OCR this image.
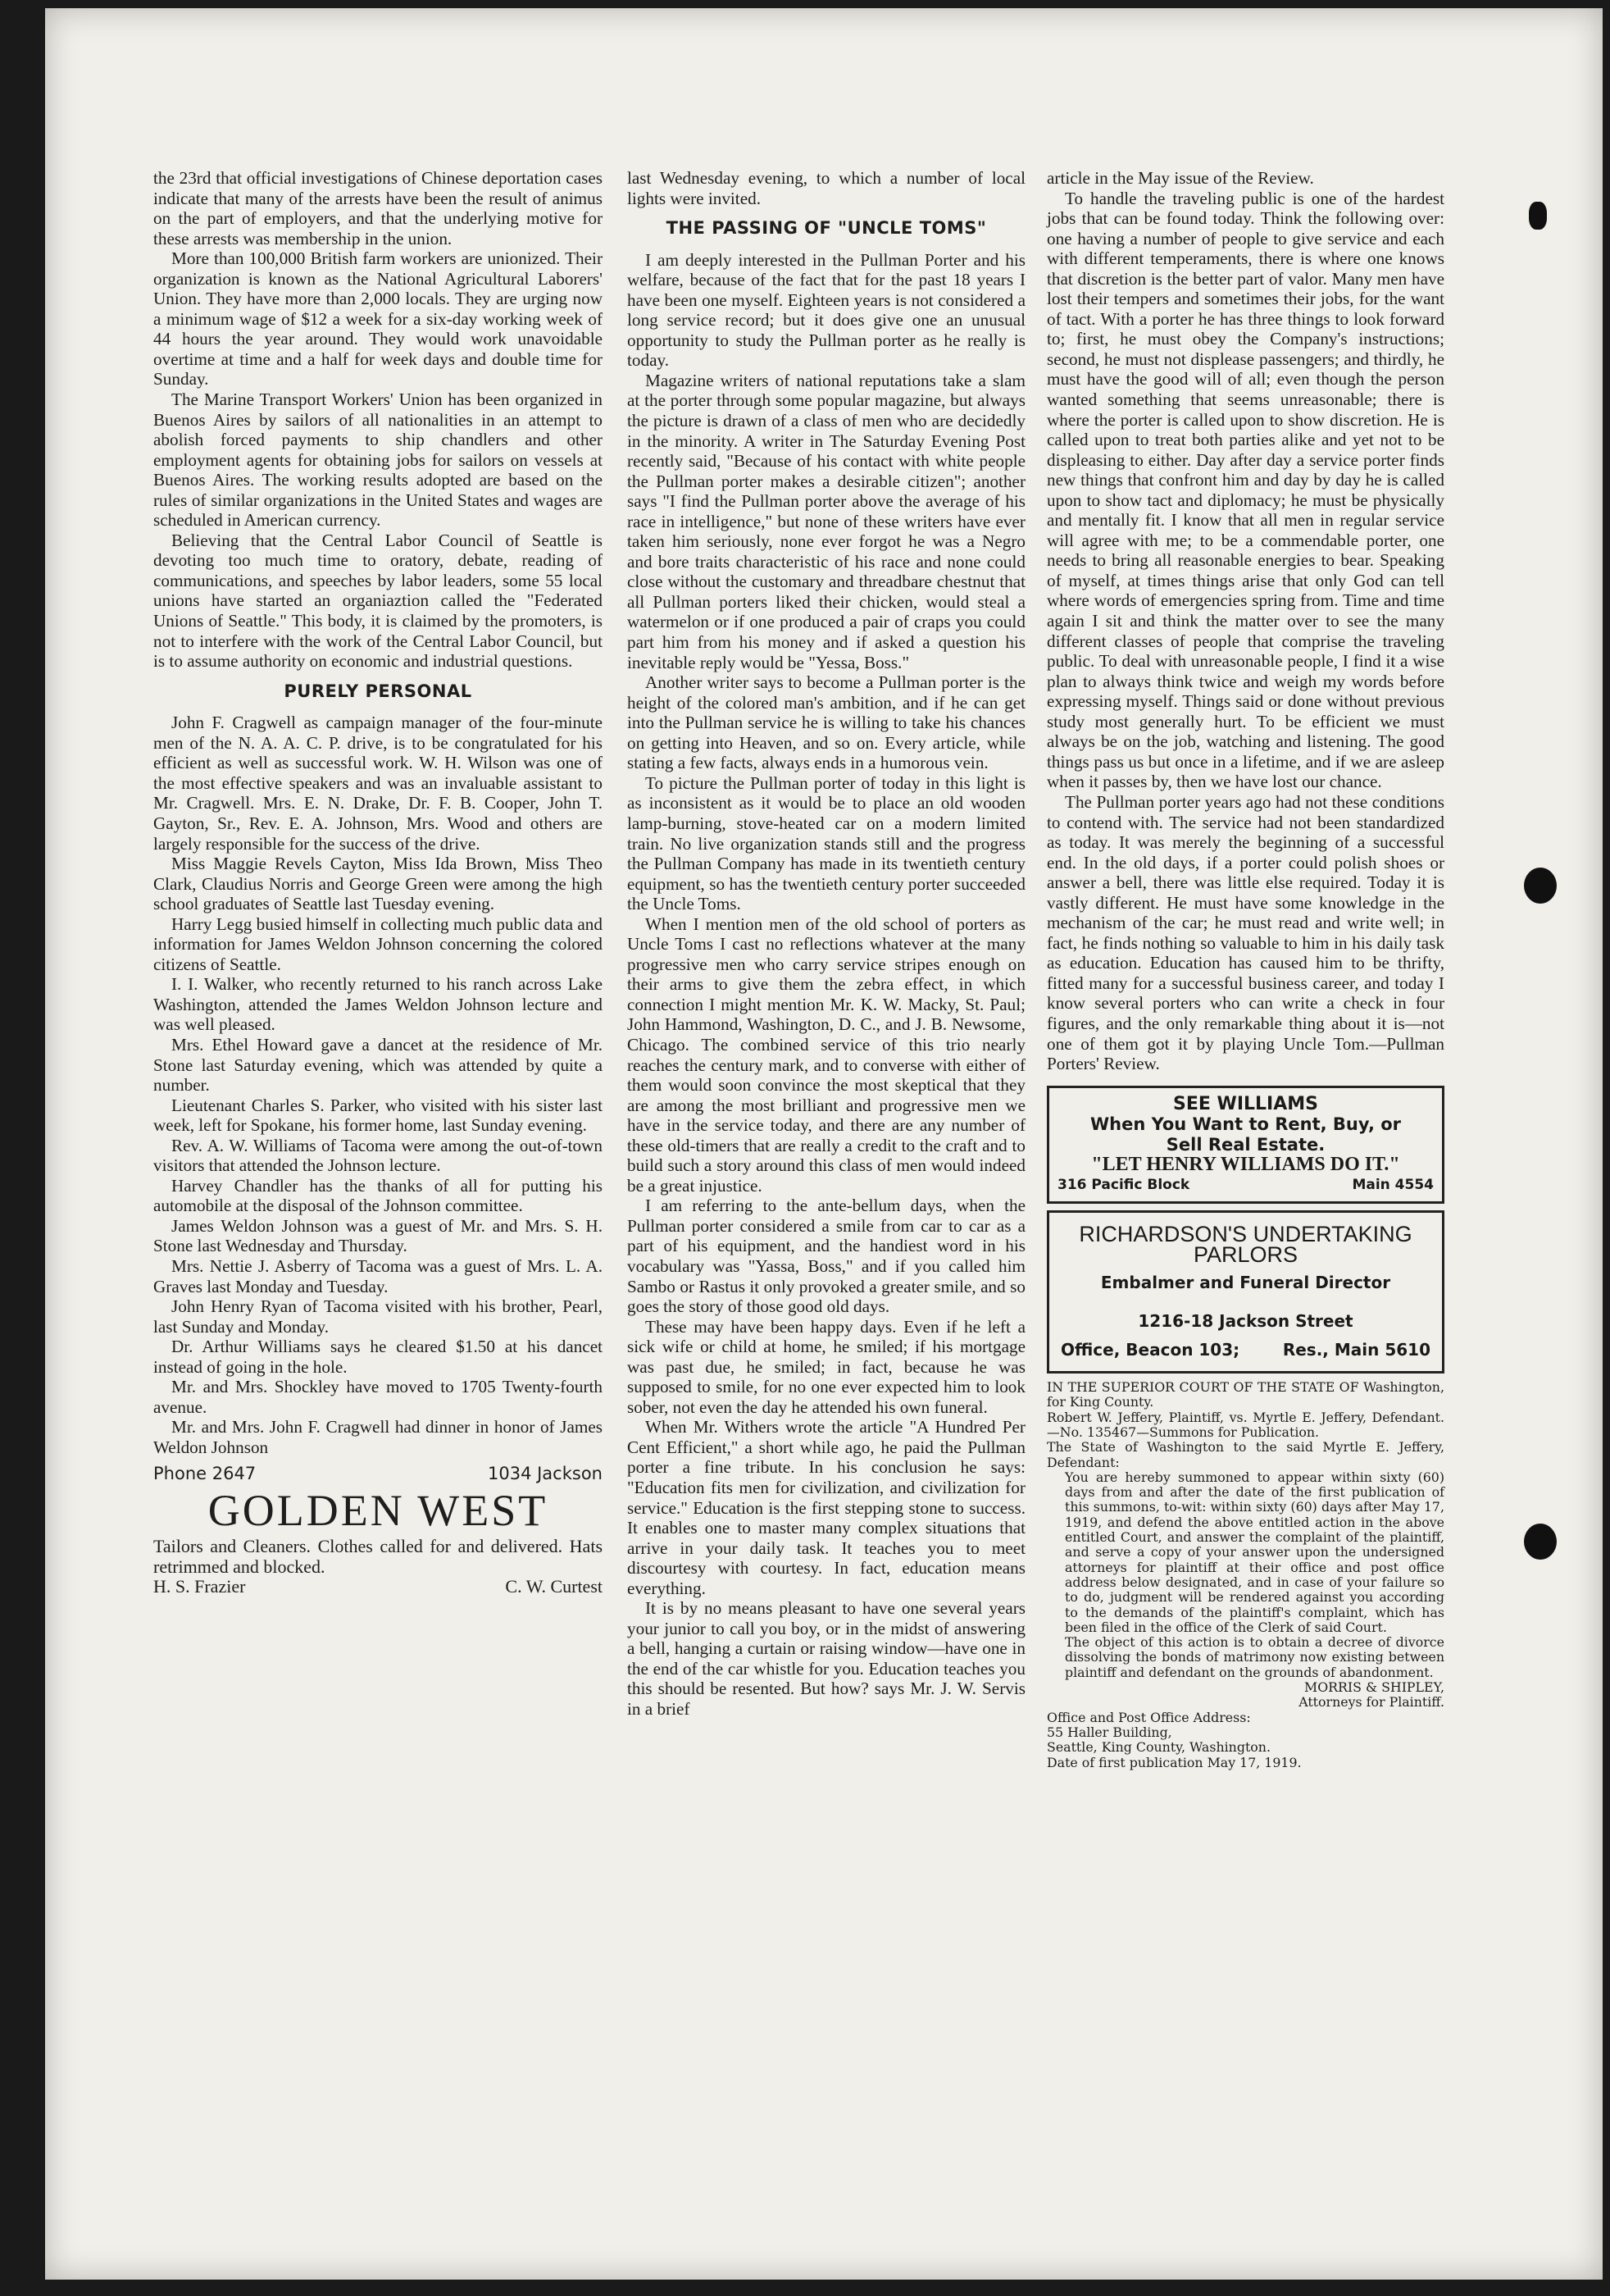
the 23rd that official investigations of Chinese deportation cases indicate that many of the arrests have been the result of animus on the part of employers, and that the underlying motive for these arrests was membership in the union.

More than 100,000 British farm workers are unionized. Their organization is known as the National Agricultural Laborers' Union. They have more than 2,000 locals. They are urging now a minimum wage of $12 a week for a six-day working week of 44 hours the year around. They would work unavoidable overtime at time and a half for week days and double time for Sunday.

The Marine Transport Workers' Union has been organized in Buenos Aires by sailors of all nationalities in an attempt to abolish forced payments to ship chandlers and other employment agents for obtaining jobs for sailors on vessels at Buenos Aires. The working results adopted are based on the rules of similar organizations in the United States and wages are scheduled in American currency.

Believing that the Central Labor Council of Seattle is devoting too much time to oratory, debate, reading of communications, and speeches by labor leaders, some 55 local unions have started an organiaztion called the "Federated Unions of Seattle." This body, it is claimed by the promoters, is not to interfere with the work of the Central Labor Council, but is to assume authority on economic and industrial questions.

PURELY PERSONAL

John F. Cragwell as campaign manager of the four-minute men of the N. A. A. C. P. drive, is to be congratulated for his efficient as well as successful work. W. H. Wilson was one of the most effective speakers and was an invaluable assistant to Mr. Cragwell. Mrs. E. N. Drake, Dr. F. B. Cooper, John T. Gayton, Sr., Rev. E. A. Johnson, Mrs. Wood and others are largely responsible for the success of the drive.

Miss Maggie Revels Cayton, Miss Ida Brown, Miss Theo Clark, Claudius Norris and George Green were among the high school graduates of Seattle last Tuesday evening.

Harry Legg busied himself in collecting much public data and information for James Weldon Johnson concerning the colored citizens of Seattle.

I. I. Walker, who recently returned to his ranch across Lake Washington, attended the James Weldon Johnson lecture and was well pleased.

Mrs. Ethel Howard gave a dancet at the residence of Mr. Stone last Saturday evening, which was attended by quite a number.

Lieutenant Charles S. Parker, who visited with his sister last week, left for Spokane, his former home, last Sunday evening.

Rev. A. W. Williams of Tacoma were among the out-of-town visitors that attended the Johnson lecture.

Harvey Chandler has the thanks of all for putting his automobile at the disposal of the Johnson committee.

James Weldon Johnson was a guest of Mr. and Mrs. S. H. Stone last Wednesday and Thursday.

Mrs. Nettie J. Asberry of Tacoma was a guest of Mrs. L. A. Graves last Monday and Tuesday.

John Henry Ryan of Tacoma visited with his brother, Pearl, last Sunday and Monday.

Dr. Arthur Williams says he cleared $1.50 at his dancet instead of going in the hole.

Mr. and Mrs. Shockley have moved to 1705 Twenty-fourth avenue.

Mr. and Mrs. John F. Cragwell had dinner in honor of James Weldon Johnson

Phone 2647	1034 Jackson
GOLDEN WEST
Tailors and Cleaners. Clothes called for and delivered. Hats retrimmed and blocked.
H. S. Frazier	C. W. Curtest

last Wednesday evening, to which a number of local lights were invited.

THE PASSING OF "UNCLE TOMS"

I am deeply interested in the Pullman Porter and his welfare, because of the fact that for the past 18 years I have been one myself. Eighteen years is not considered a long service record; but it does give one an unusual opportunity to study the Pullman porter as he really is today.

Magazine writers of national reputations take a slam at the porter through some popular magazine, but always the picture is drawn of a class of men who are decidedly in the minority. A writer in The Saturday Evening Post recently said, "Because of his contact with white people the Pullman porter makes a desirable citizen"; another says "I find the Pullman porter above the average of his race in intelligence," but none of these writers have ever taken him seriously, none ever forgot he was a Negro and bore traits characteristic of his race and none could close without the customary and threadbare chestnut that all Pullman porters liked their chicken, would steal a watermelon or if one produced a pair of craps you could part him from his money and if asked a question his inevitable reply would be "Yessa, Boss."

Another writer says to become a Pullman porter is the height of the colored man's ambition, and if he can get into the Pullman service he is willing to take his chances on getting into Heaven, and so on. Every article, while stating a few facts, always ends in a humorous vein.

To picture the Pullman porter of today in this light is as inconsistent as it would be to place an old wooden lamp-burning, stove-heated car on a modern limited train. No live organization stands still and the progress the Pullman Company has made in its twentieth century equipment, so has the twentieth century porter succeeded the Uncle Toms.

When I mention men of the old school of porters as Uncle Toms I cast no reflections whatever at the many progressive men who carry service stripes enough on their arms to give them the zebra effect, in which connection I might mention Mr. K. W. Macky, St. Paul; John Hammond, Washington, D. C., and J. B. Newsome, Chicago. The combined service of this trio nearly reaches the century mark, and to converse with either of them would soon convince the most skeptical that they are among the most brilliant and progressive men we have in the service today, and there are any number of these old-timers that are really a credit to the craft and to build such a story around this class of men would indeed be a great injustice.

I am referring to the ante-bellum days, when the Pullman porter considered a smile from car to car as a part of his equipment, and the handiest word in his vocabulary was "Yassa, Boss," and if you called him Sambo or Rastus it only provoked a greater smile, and so goes the story of those good old days.

These may have been happy days. Even if he left a sick wife or child at home, he smiled; if his mortgage was past due, he smiled; in fact, because he was supposed to smile, for no one ever expected him to look sober, not even the day he attended his own funeral.

When Mr. Withers wrote the article "A Hundred Per Cent Efficient," a short while ago, he paid the Pullman porter a fine tribute. In his conclusion he says: "Education fits men for civilization, and civilization for service." Education is the first stepping stone to success. It enables one to master many complex situations that arrive in your daily task. It teaches you to meet discourtesy with courtesy. In fact, education means everything.

It is by no means pleasant to have one several years your junior to call you boy, or in the midst of answering a bell, hanging a curtain or raising window—have one in the end of the car whistle for you. Education teaches you this should be resented. But how? says Mr. J. W. Servis in a brief

article in the May issue of the Review.

To handle the traveling public is one of the hardest jobs that can be found today. Think the following over: one having a number of people to give service and each with different temperaments, there is where one knows that discretion is the better part of valor. Many men have lost their tempers and sometimes their jobs, for the want of tact. With a porter he has three things to look forward to; first, he must obey the Company's instructions; second, he must not displease passengers; and thirdly, he must have the good will of all; even though the person wanted something that seems unreasonable; there is where the porter is called upon to show discretion. He is called upon to treat both parties alike and yet not to be displeasing to either. Day after day a service porter finds new things that confront him and day by day he is called upon to show tact and diplomacy; he must be physically and mentally fit. I know that all men in regular service will agree with me; to be a commendable porter, one needs to bring all reasonable energies to bear. Speaking of myself, at times things arise that only God can tell where words of emergencies spring from. Time and time again I sit and think the matter over to see the many different classes of people that comprise the traveling public. To deal with unreasonable people, I find it a wise plan to always think twice and weigh my words before expressing myself. Things said or done without previous study most generally hurt. To be efficient we must always be on the job, watching and listening. The good things pass us but once in a lifetime, and if we are asleep when it passes by, then we have lost our chance.

The Pullman porter years ago had not these conditions to contend with. The service had not been standardized as today. It was merely the beginning of a successful end. In the old days, if a porter could polish shoes or answer a bell, there was little else required. Today it is vastly different. He must have some knowledge in the mechanism of the car; he must read and write well; in fact, he finds nothing so valuable to him in his daily task as education. Education has caused him to be thrifty, fitted many for a successful business career, and today I know several porters who can write a check in four figures, and the only remarkable thing about it is—not one of them got it by playing Uncle Tom.—Pullman Porters' Review.

SEE WILLIAMS
When You Want to Rent, Buy, or
Sell Real Estate.
"LET HENRY WILLIAMS DO IT."
316 Pacific Block	Main 4554
RICHARDSON'S UNDERTAKING
PARLORS
Embalmer and Funeral Director
1216-18 Jackson Street
Office, Beacon 103;	Res., Main 5610

IN THE SUPERIOR COURT OF THE STATE OF Washington, for King County.

Robert W. Jeffery, Plaintiff, vs. Myrtle E. Jeffery, Defendant.—No. 135467—Summons for Publication.

The State of Washington to the said Myrtle E. Jeffery, Defendant:

You are hereby summoned to appear within sixty (60) days from and after the date of the first publication of this summons, to-wit: within sixty (60) days after May 17, 1919, and defend the above entitled action in the above entitled Court, and answer the complaint of the plaintiff, and serve a copy of your answer upon the undersigned attorneys for plaintiff at their office and post office address below designated, and in case of your failure so to do, judgment will be rendered against you according to the demands of the plaintiff's complaint, which has been filed in the office of the Clerk of said Court.

The object of this action is to obtain a decree of divorce dissolving the bonds of matrimony now existing between plaintiff and defendant on the grounds of abandonment.

MORRIS & SHIPLEY,

Attorneys for Plaintiff.

Office and Post Office Address:

55 Haller Building,

Seattle, King County, Washington.

Date of first publication May 17, 1919.
